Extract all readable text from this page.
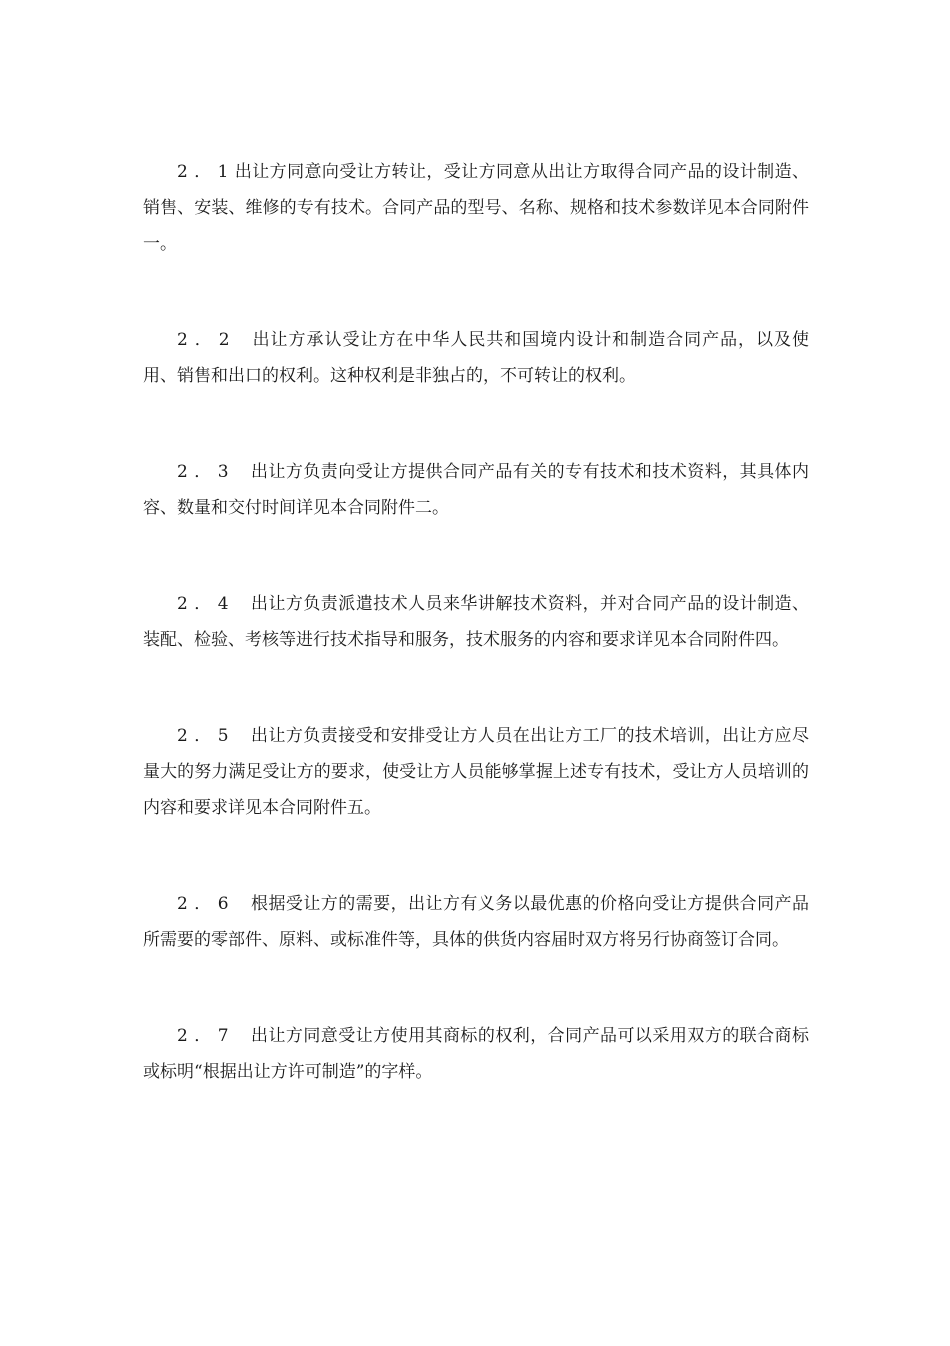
2．1出让方同意向受让方转让，受让方同意从出让方取得合同产品的设计制造、销售、安装、维修的专有技术。合同产品的型号、名称、规格和技术参数详见本合同附件一。

2．2 出让方承认受让方在中华人民共和国境内设计和制造合同产品，以及使用、销售和出口的权利。这种权利是非独占的，不可转让的权利。

2．3 出让方负责向受让方提供合同产品有关的专有技术和技术资料，其具体内容、数量和交付时间详见本合同附件二。

2．4 出让方负责派遣技术人员来华讲解技术资料，并对合同产品的设计制造、装配、检验、考核等进行技术指导和服务，技术服务的内容和要求详见本合同附件四。

2．5 出让方负责接受和安排受让方人员在出让方工厂的技术培训，出让方应尽量大的努力满足受让方的要求，使受让方人员能够掌握上述专有技术，受让方人员培训的内容和要求详见本合同附件五。

2．6 根据受让方的需要，出让方有义务以最优惠的价格向受让方提供合同产品所需要的零部件、原料、或标准件等，具体的供货内容届时双方将另行协商签订合同。

2．7 出让方同意受让方使用其商标的权利，合同产品可以采用双方的联合商标或标明“根据出让方许可制造”的字样。
